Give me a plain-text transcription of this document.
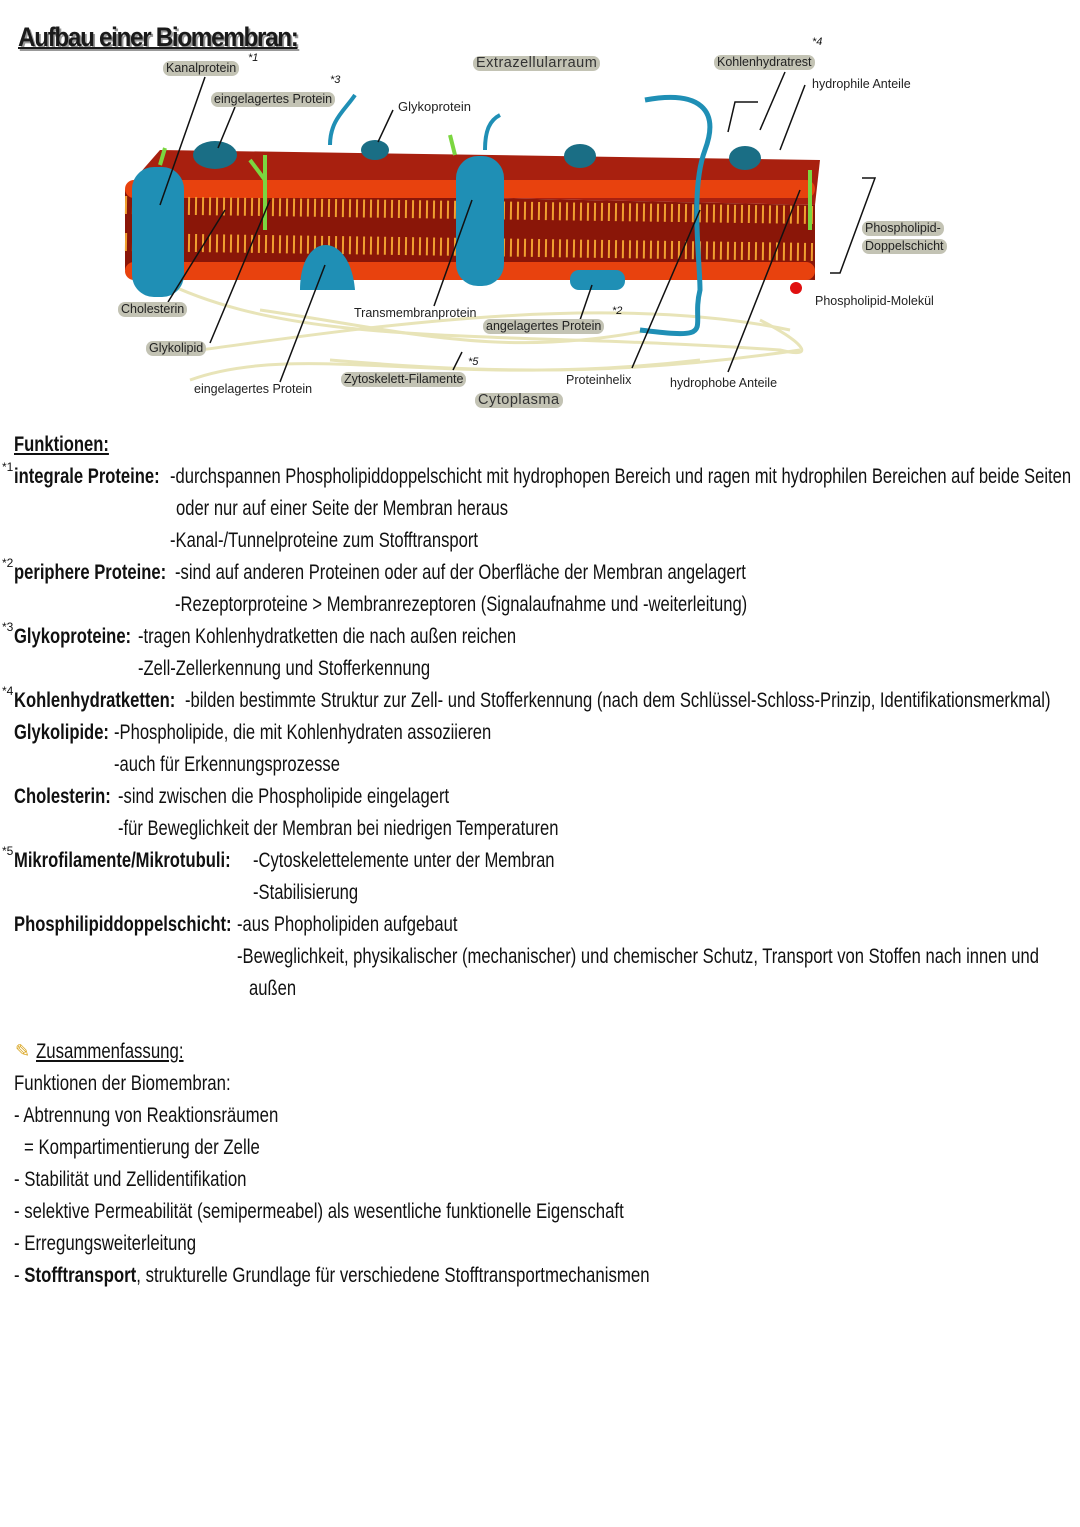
Aufbau einer Biomembran:
Kanalprotein
*1
eingelagertes Protein
*3
Glykoprotein
Extrazellularraum	Kohlenhydratrest
*4
hydrophile Anteile
Phospholipid-
Doppelschicht
Phospholipid-Molekül
Cholesterin
Glykolipid
Transmembranprotein
angelagertes Protein
*2
Zytoskelett-Filamente
*5
eingelagertes Protein
Proteinhelix	hydrophobe Anteile
Cytoplasma
Funktionen:
*1 integrale Proteine: -durchspannen Phospholipiddoppelschicht mit hydrophopen Bereich und ragen mit hydrophilen Bereichen auf beide Seiten
oder nur auf einer Seite der Membran heraus
-Kanal-/Tunnelproteine zum Stofftransport
*2 periphere Proteine: -sind auf anderen Proteinen oder auf der Oberfläche der Membran angelagert
-Rezeptorproteine > Membranrezeptoren (Signalaufnahme und -weiterleitung)
*3 Glykoproteine: -tragen Kohlenhydratketten die nach außen reichen
-Zell-Zellerkennung und Stofferkennung
*4 Kohlenhydratketten: -bilden bestimmte Struktur zur Zell- und Stofferkennung (nach dem Schlüssel-Schloss-Prinzip, Identifikationsmerkmal)
Glykolipide: -Phospholipide, die mit Kohlenhydraten assoziieren
-auch für Erkennungsprozesse
Cholesterin: -sind zwischen die Phospholipide eingelagert
-für Beweglichkeit der Membran bei niedrigen Temperaturen
*5 Mikrofilamente/Mikrotubuli: -Cytoskelettelemente unter der Membran
-Stabilisierung
Phosphilipiddoppelschicht: -aus Phopholipiden aufgebaut
-Beweglichkeit, physikalischer (mechanischer) und chemischer Schutz, Transport von Stoffen nach innen und
außen
✎ Zusammenfassung:
Funktionen der Biomembran:
- Abtrennung von Reaktionsräumen
= Kompartimentierung der Zelle
- Stabilität und Zellidentifikation
- selektive Permeabilität (semipermeabel) als wesentliche funktionelle Eigenschaft
- Erregungsweiterleitung
- Stofftransport, strukturelle Grundlage für verschiedene Stofftransportmechanismen
